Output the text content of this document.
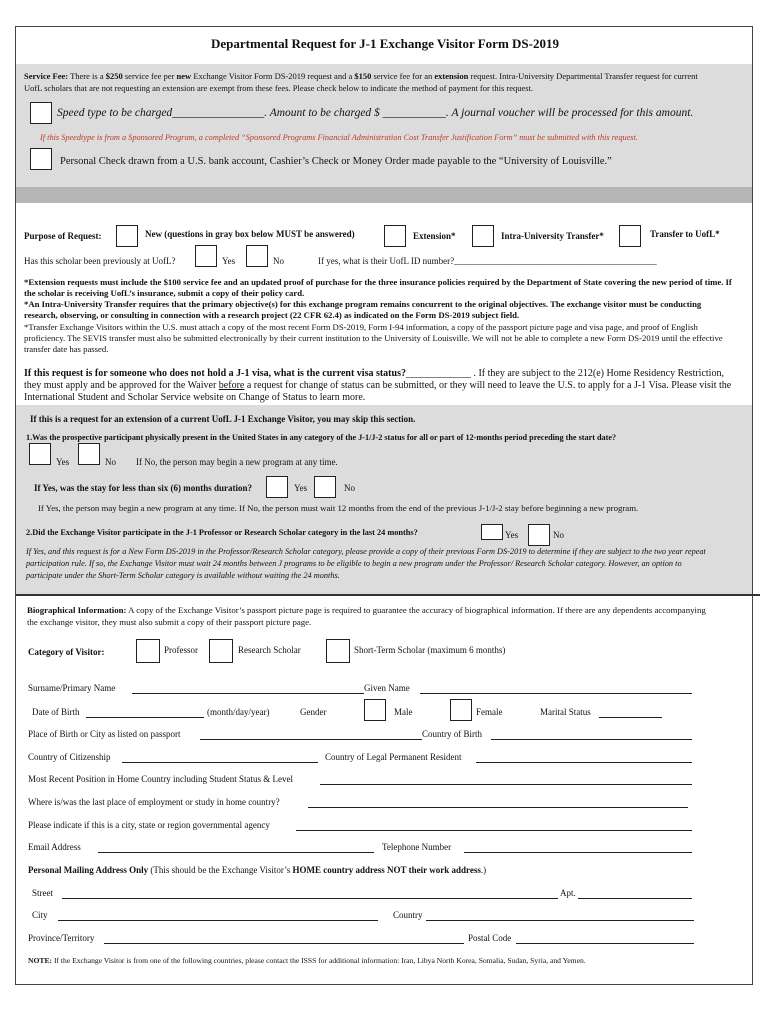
Departmental Request for J-1 Exchange Visitor Form DS-2019
Service Fee: There is a $250 service fee per new Exchange Visitor Form DS-2019 request and a $150 service fee for an extension request. Intra-University Departmental Transfer request for current UofL scholars that are not requesting an extension are exempt from these fees. Please check below to indicate the method of payment for this request.
Speed type to be charged________________. Amount to be charged $ ___________. A journal voucher will be processed for this amount.
If this Speedtype is from a Sponsored Program, a completed “Sponsored Programs Financial Administration Cost Transfer Justification Form” must be submitted with this request.
Personal Check drawn from a U.S. bank account, Cashier’s Check or Money Order made payable to the “University of Louisville.”
Purpose of Request:	New (questions in gray box below MUST be answered)	Extension*	Intra-University Transfer*	Transfer to UofL*
Has this scholar been previously at UofL?	Yes	No	If yes, what is their UofL ID number?_____________________________________________
*Extension requests must include the $100 service fee and an updated proof of purchase for the three insurance policies required by the Department of State covering the new period of time. If the scholar is receiving UofL’s insurance, submit a copy of their policy card.
*An Intra-University Transfer requires that the primary objective(s) for this exchange program remains concurrent to the original objectives. The exchange visitor must be conducting research, observing, or consulting in connection with a research project (22 CFR 62.4) as indicated on the Form DS-2019 subject field.
*Transfer Exchange Visitors within the U.S. must attach a copy of the most recent Form DS-2019, Form I-94 information, a copy of the passport picture page and visa page, and proof of English proficiency. The SEVIS transfer must also be submitted electronically by their current institution to the University of Louisville. We will not be able to complete a new Form DS-2019 until the effective transfer date has passed.
If this request is for someone who does not hold a J-1 visa, what is the current visa status?_____________ . If they are subject to the 212(e) Home Residency Restriction, they must apply and be approved for the Waiver before a request for change of status can be submitted, or they will need to leave the U.S. to apply for a J-1 Visa. Please visit the International Student and Scholar Service website on Change of Status to learn more.
If this is a request for an extension of a current UofL J-1 Exchange Visitor, you may skip this section.
1.Was the prospective participant physically present in the United States in any category of the J-1/J-2 status for all or part of 12-months period preceding the start date?
Yes	No If No, the person may begin a new program at any time.
If Yes, was the stay for less than six (6) months duration?	Yes	No
If Yes, the person may begin a new program at any time. If No, the person must wait 12 months from the end of the previous J-1/J-2 stay before beginning a new program.
2.Did the Exchange Visitor participate in the J-1 Professor or Research Scholar category in the last 24 months?	Yes	No
If Yes, and this request is for a New Form DS-2019 in the Professor/Research Scholar category, please provide a copy of their previous Form DS-2019 to determine if they are subject to the two year repeat participation rule. If so, the Exchange Visitor must wait 24 months between J programs to be eligible to begin a new program under the Professor/ Research Scholar category. However, an option to participate under the Short-Term Scholar category is available without waiting the 24 months.
Biographical Information: A copy of the Exchange Visitor’s passport picture page is required to guarantee the accuracy of biographical information. If there are any dependents accompanying the exchange visitor, they must also submit a copy of their passport picture page.
Category of Visitor:	Professor	Research Scholar	Short-Term Scholar (maximum 6 months)
Surname/Primary Name	Given Name
Date of Birth	(month/day/year)	Gender	Male	Female	Marital Status
Place of Birth or City as listed on passport	Country of Birth
Country of Citizenship	Country of Legal Permanent Resident
Most Recent Position in Home Country including Student Status & Level
Where is/was the last place of employment or study in home country?
Please indicate if this is a city, state or region governmental agency
Email Address	Telephone Number
Personal Mailing Address Only (This should be the Exchange Visitor’s HOME country address NOT their work address.)
Street	Apt.
City	Country
Province/Territory	Postal Code
NOTE: If the Exchange Visitor is from one of the following countries, please contact the ISSS for additional information: Iran, Libya North Korea, Somalia, Sudan, Syria, and Yemen.
